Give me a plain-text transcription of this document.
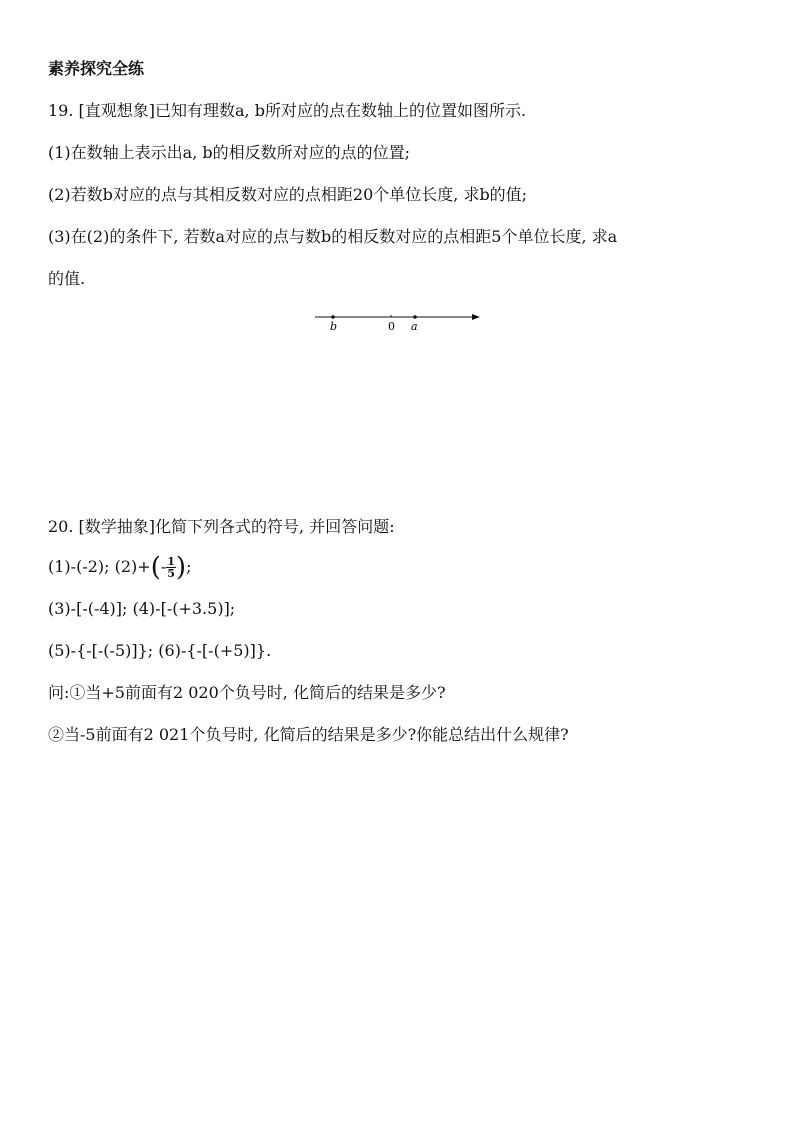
素养探究全练
19. [直观想象]已知有理数a, b所对应的点在数轴上的位置如图所示.
(1)在数轴上表示出a, b的相反数所对应的点的位置;
(2)若数b对应的点与其相反数对应的点相距20个单位长度, 求b的值;
(3)在(2)的条件下, 若数a对应的点与数b的相反数对应的点相距5个单位长度, 求a
的值.
b	0 a
20. [数学抽象]化简下列各式的符号, 并回答问题:
(1)-(-2); $(2)+(- \frac{1}{5}$ );
(3)-[-(-4)]; (4)-[-(+3.5)];
(5)-{-[-(-5)]}; (6)-{-[-(+5)]}.
问:①当+5前面有2 020个负号时, 化简后的结果是多少?
②当-5前面有2 021个负号时, 化简后的结果是多少?你能总结出什么规律?
